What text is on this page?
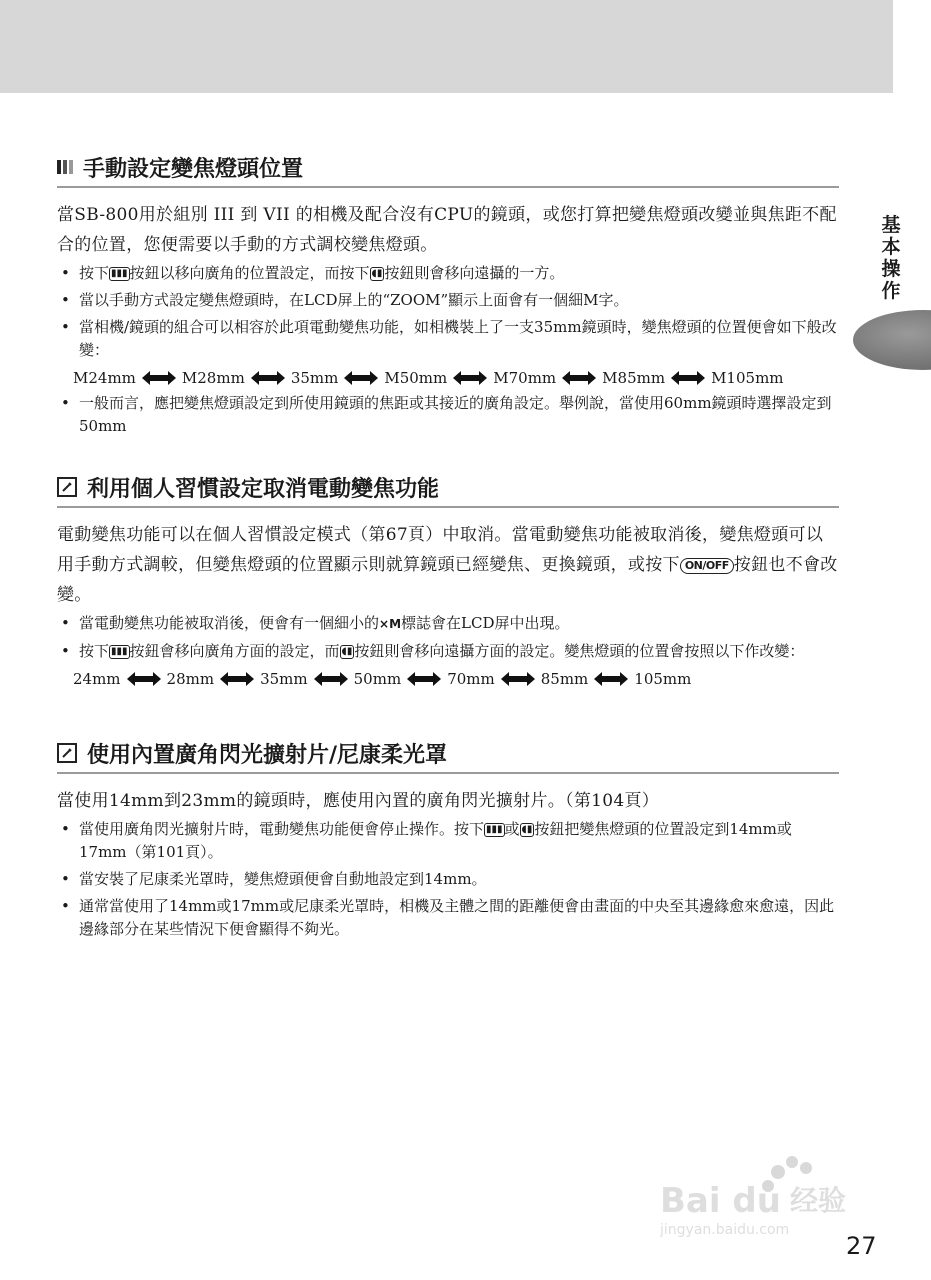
基
本
操
作
手動設定變焦燈頭位置
當SB-800用於組別 III 到 VII 的相機及配合沒有CPU的鏡頭，或您打算把變焦燈頭改變並與焦距不配合的位置，您便需要以手動的方式調校變焦燈頭。
• 按下 ▮▮▮ 按鈕以移向廣角的位置設定，而按下 ◖▮ 按鈕則會移向遠攝的一方。
• 當以手動方式設定變焦燈頭時，在LCD屏上的“ZOOM”顯示上面會有一個細M字。
• 當相機/鏡頭的組合可以相容於此項電動變焦功能，如相機裝上了一支35mm鏡頭時，變焦燈頭的位置便會如下般改變：
M24mm	M28mm	35mm	M50mm	M70mm	M85mm	M105mm
• 一般而言，應把變焦燈頭設定到所使用鏡頭的焦距或其接近的廣角設定。舉例說，當使用60mm鏡頭時選擇設定到50mm
利用個人習慣設定取消電動變焦功能
電動變焦功能可以在個人習慣設定模式（第67頁）中取消。當電動變焦功能被取消後，變焦燈頭可以用手動方式調較，但變焦燈頭的位置顯示則就算鏡頭已經變焦、更換鏡頭，或按下 ON/OFF 按鈕也不會改變。
• 當電動變焦功能被取消後，便會有一個細小的×M標誌會在LCD屏中出現。
• 按下 ▮▮▮ 按鈕會移向廣角方面的設定，而 ◖▮ 按鈕則會移向遠攝方面的設定。變焦燈頭的位置會按照以下作改變：
24mm	28mm	35mm	50mm	70mm	85mm	105mm
使用內置廣角閃光擴射片/尼康柔光罩
當使用14mm到23mm的鏡頭時，應使用內置的廣角閃光擴射片。（第104頁）
• 當使用廣角閃光擴射片時，電動變焦功能便會停止操作。按下 ▮▮▮ 或 ◖▮ 按鈕把變焦燈頭的位置設定到14mm或17mm（第101頁）。
• 當安裝了尼康柔光罩時，變焦燈頭便會自動地設定到14mm。
• 通常當使用了14mm或17mm或尼康柔光罩時，相機及主體之間的距離便會由畫面的中央至其邊緣愈來愈遠，因此邊緣部分在某些情況下便會顯得不夠光。
Bai du 经验
jingyan.baidu.com
27
